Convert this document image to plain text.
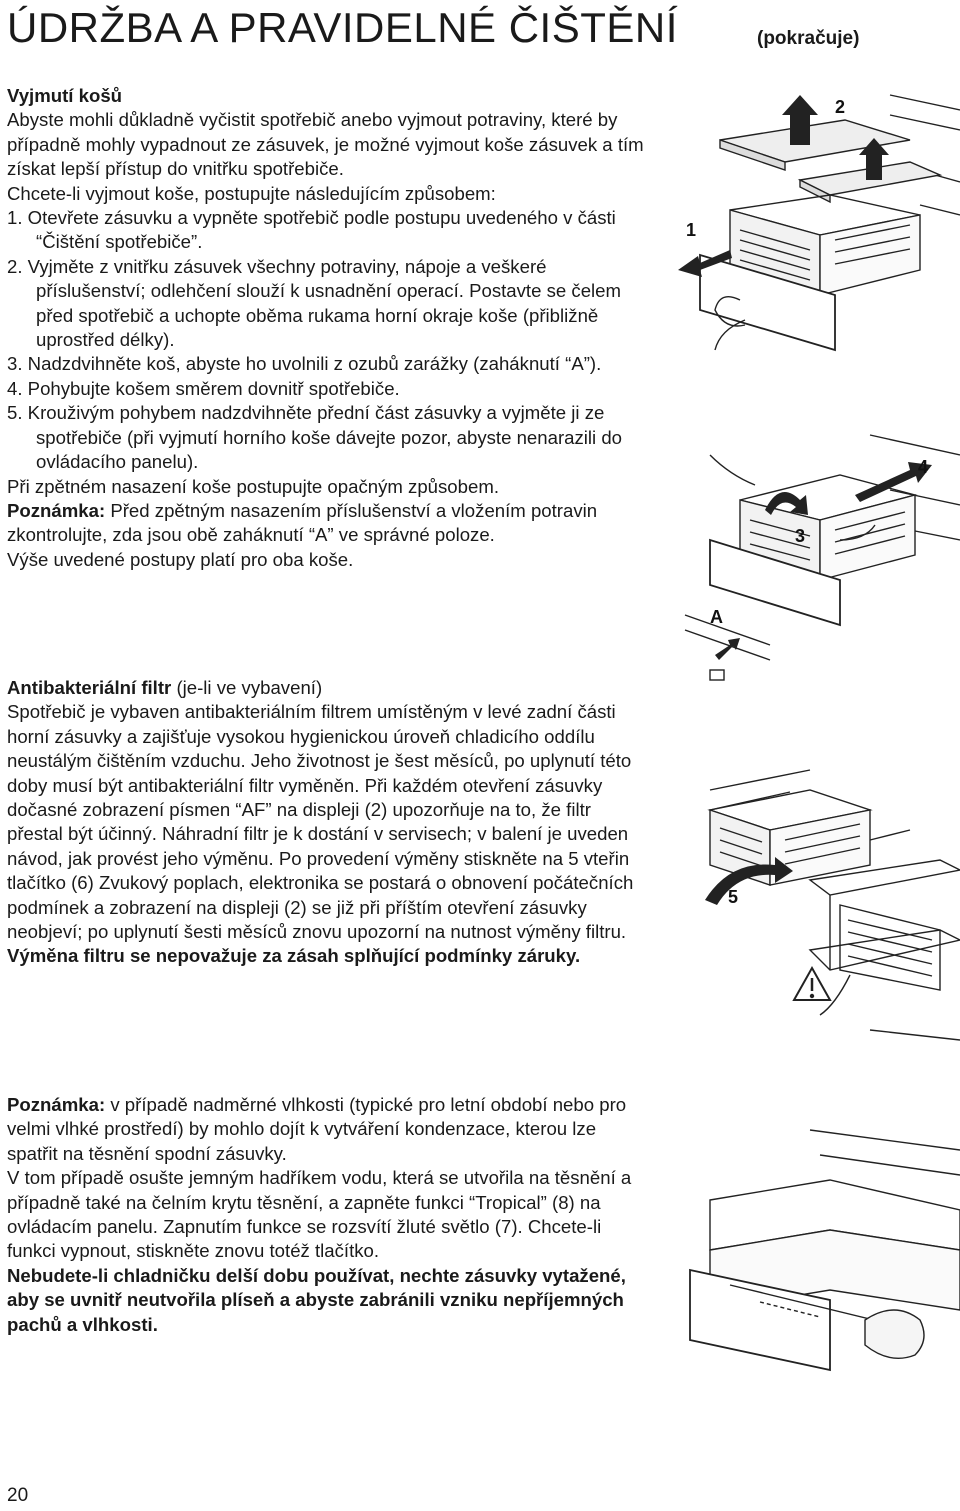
ÚDRŽBA A PRAVIDELNÉ ČIŠTĚNÍ	(pokračuje)

Vyjmutí košů

Abyste mohli důkladně vyčistit spotřebič anebo vyjmout potraviny, které by případně mohly vypadnout ze zásuvek, je možné vyjmout koše zásuvek a tím získat lepší přístup do vnitřku spotřebiče.

Chcete-li vyjmout koše, postupujte následujícím způsobem:

1. Otevřete zásuvku a vypněte spotřebič podle postupu uvedeného v části “Čištění spotřebiče”.

2. Vyjměte z vnitřku zásuvek všechny potraviny, nápoje a veškeré příslušenství; odlehčení slouží k usnadnění operací. Postavte se čelem před spotřebič a uchopte oběma rukama horní okraje koše (přibližně uprostřed délky).

3. Nadzdvihněte koš, abyste ho uvolnili z ozubů zarážky (zaháknutí “A”).

4. Pohybujte košem směrem dovnitř spotřebiče.

5. Krouživým pohybem nadzdvihněte přední část zásuvky a vyjměte ji ze spotřebiče (při vyjmutí horního koše dávejte pozor, abyste nenarazili do ovládacího panelu).

Při zpětném nasazení koše postupujte opačným způsobem.

Poznámka: Před zpětným nasazením příslušenství a vložením potravin zkontrolujte, zda jsou obě zaháknutí “A” ve správné poloze.

Výše uvedené postupy platí pro oba koše.

Antibakteriální filtr (je-li ve vybavení)

Spotřebič je vybaven antibakteriálním filtrem umístěným v levé zadní části horní zásuvky a zajišťuje vysokou hygienickou úroveň chladicího oddílu neustálým čištěním vzduchu. Jeho životnost je šest měsíců, po uplynutí této doby musí být antibakteriální filtr vyměněn. Při každém otevření zásuvky dočasné zobrazení písmen “AF” na displeji (2) upozorňuje na to, že filtr přestal být účinný. Náhradní filtr je k dostání v servisech; v balení je uveden návod, jak provést jeho výměnu. Po provedení výměny stiskněte na 5 vteřin tlačítko (6) Zvukový poplach, elektronika se postará o obnovení počátečních podmínek a zobrazení na displeji (2) se již při příštím otevření zásuvky neobjeví; po uplynutí šesti měsíců znovu upozorní na nutnost výměny filtru.

Výměna filtru se nepovažuje za zásah splňující podmínky záruky.

Poznámka: v případě nadměrné vlhkosti (typické pro letní období nebo pro velmi vlhké prostředí) by mohlo dojít k vytváření kondenzace, kterou lze spatřit na těsnění spodní zásuvky.

V tom případě osušte jemným hadříkem vodu, která se utvořila na těsnění a případně také na čelním krytu těsnění, a zapněte funkci “Tropical” (8) na ovládacím panelu. Zapnutím funkce se rozsvítí žluté světlo (7). Chcete-li funkci vypnout, stiskněte znovu totéž tlačítko.

Nebudete-li chladničku delší dobu používat, nechte zásuvky vytažené, aby se uvnitř neutvořila plíseň a abyste zabránili vzniku nepříjemných pachů a vlhkosti.

20
2
1
3
4
A
5
